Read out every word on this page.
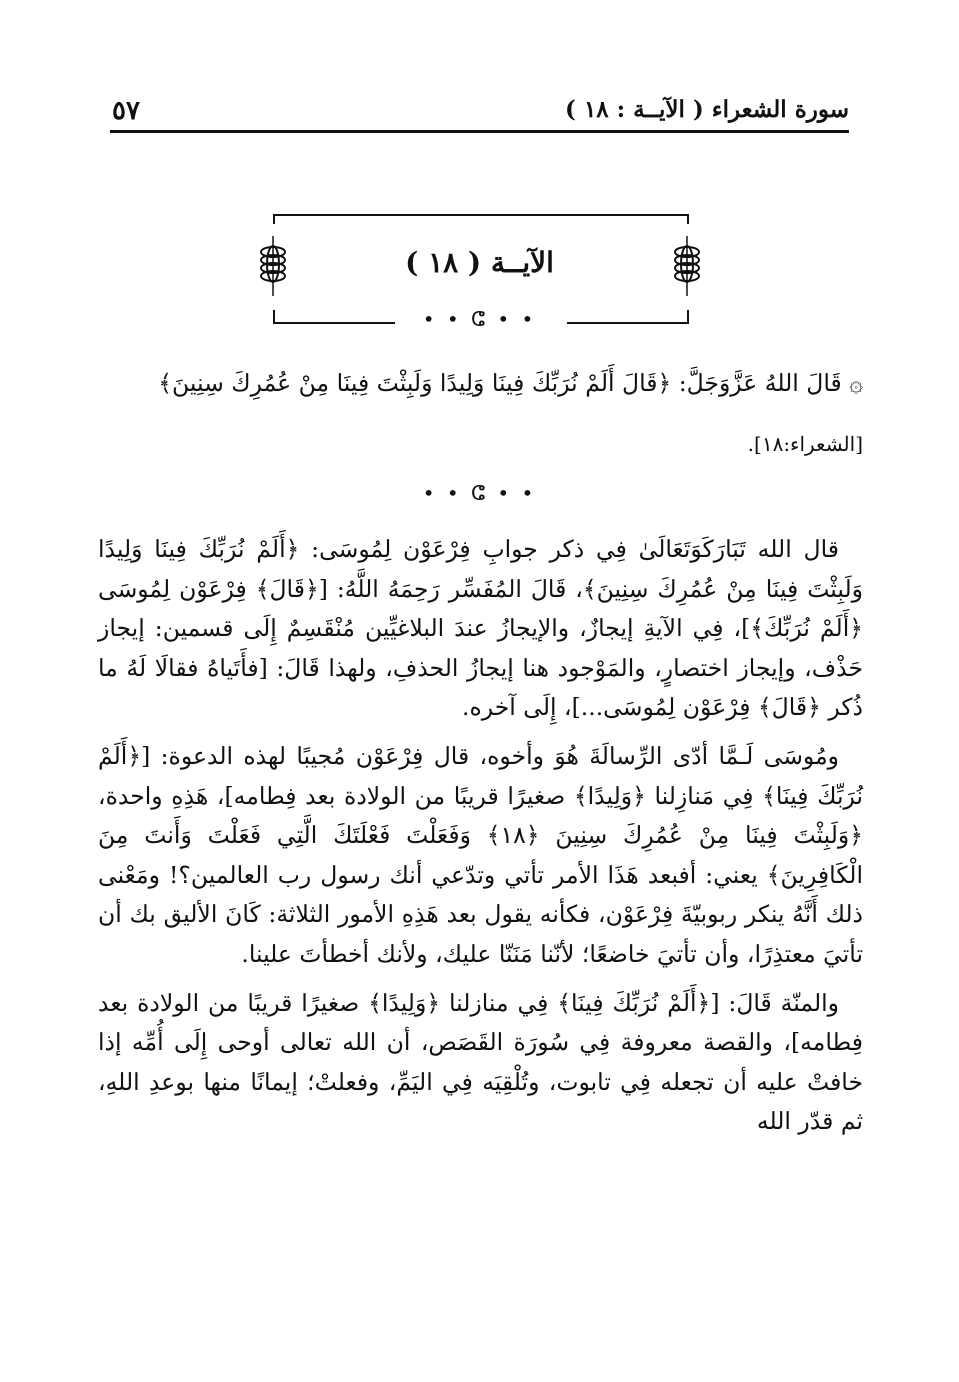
سورة الشعراء ( الآيــة : ١٨ )
٥٧
الآيــة ( ١٨ )
• • ⵛ • •
۞ قَالَ اللهُ عَزَّوَجَلَّ: ﴿قَالَ أَلَمْ نُرَبِّكَ فِينَا وَلِيدًا وَلَبِثْتَ فِينَا مِنْ عُمُرِكَ سِنِينَ﴾
[الشعراء:١٨].
• • ⵛ • •

قال الله تَبَارَكَوَتَعَالَىٰ فِي ذكر جوابِ فِرْعَوْن لِمُوسَى: ﴿أَلَمْ نُرَبِّكَ فِينَا وَلِيدًا وَلَبِثْتَ فِينَا مِنْ عُمُرِكَ سِنِينَ﴾، قَالَ المُفَسِّر رَحِمَهُ اللَّهُ: [﴿قَالَ﴾ فِرْعَوْن لِمُوسَى ﴿أَلَمْ نُرَبِّكَ﴾]، فِي الآيةِ إيجازٌ، والإيجازُ عندَ البلاغيِّين مُنْقَسِمٌ إِلَى قسمين: إيجاز حَذْف، وإيجاز اختصارٍ، والمَوْجود هنا إيجازُ الحذفِ، ولهذا قَالَ: [فأَتَياهُ فقالَا لَهُ ما ذُكر ﴿قَالَ﴾ فِرْعَوْن لِمُوسَى...]، إِلَى آخره.

ومُوسَى لَـمَّا أدّى الرِّسالَةَ هُوَ وأخوه، قال فِرْعَوْن مُجيبًا لهذه الدعوة: [﴿أَلَمْ نُرَبِّكَ فِينَا﴾ فِي مَنازِلنا ﴿وَلِيدًا﴾ صغيرًا قريبًا من الولادة بعد فِطامه]، هَذِهِ واحدة، ﴿وَلَبِثْتَ فِينَا مِنْ عُمُرِكَ سِنِينَ ﴿١٨﴾ وَفَعَلْتَ فَعْلَتَكَ الَّتِي فَعَلْتَ وَأَنتَ مِنَ الْكَافِرِينَ﴾ يعني: أفبعد هَذَا الأمر تأتي وتدّعي أنك رسول رب العالمين؟! ومَعْنى ذلك أَنَّهُ ينكر ربوبيّةَ فِرْعَوْن، فكأنه يقول بعد هَذِهِ الأمور الثلاثة: كَانَ الأليق بك أن تأتيَ معتذِرًا، وأن تأتيَ خاضعًا؛ لأنّنا مَنَنّا عليك، ولأنك أخطأتَ علينا.

والمنّة قَالَ: [﴿أَلَمْ نُرَبِّكَ فِينَا﴾ فِي منازلنا ﴿وَلِيدًا﴾ صغيرًا قريبًا من الولادة بعد فِطامه]، والقصة معروفة فِي سُورَة القَصَص، أن الله تعالى أوحى إِلَى أُمِّه إذا خافتْ عليه أن تجعله فِي تابوت، وتُلْقِيَه فِي اليَمِّ، وفعلتْ؛ إيمانًا منها بوعدِ اللهِ، ثم قدّر الله
